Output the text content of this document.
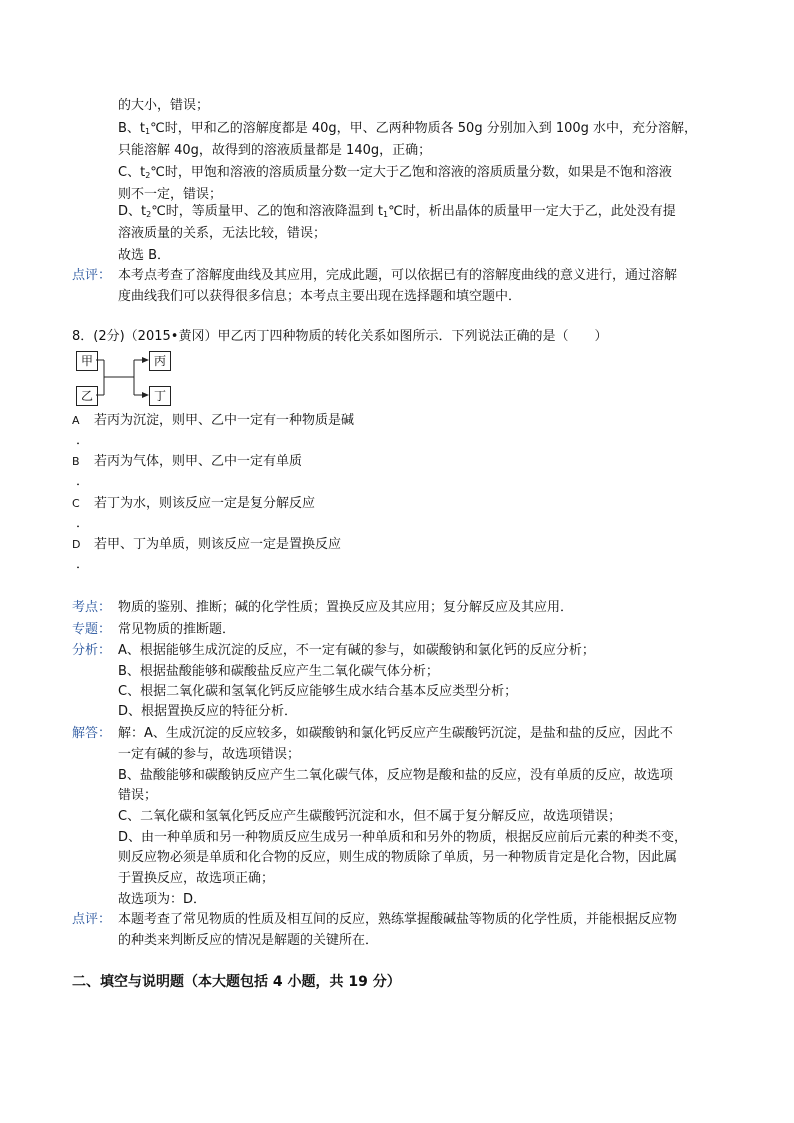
的大小，错误；
B、$t_1℃$时，甲和乙的溶解度都是 40g，甲、乙两种物质各 50g 分别加入到 100g 水中，充分溶解，
只能溶解 40g，故得到的溶液质量都是 140g，正确；
C、$t_2℃$时，甲饱和溶液的溶质质量分数一定大于乙饱和溶液的溶质质量分数，如果是不饱和溶液
则不一定，错误；
D、$t_2℃$时，等质量甲、乙的饱和溶液降温到 $t_1℃$时，析出晶体的质量甲一定大于乙，此处没有提
溶液质量的关系，无法比较，错误；
故选 B．
点评： 本考点考查了溶解度曲线及其应用，完成此题，可以依据已有的溶解度曲线的意义进行，通过溶解
度曲线我们可以获得很多信息；本考点主要出现在选择题和填空题中．
8．(2分)（2015•黄冈）甲乙丙丁四种物质的转化关系如图所示．下列说法正确的是（　　）
甲
乙
丙
丁
A 若丙为沉淀，则甲、乙中一定有一种物质是碱
．
B 若丙为气体，则甲、乙中一定有单质
．
C 若丁为水，则该反应一定是复分解反应
．
D 若甲、丁为单质，则该反应一定是置换反应
．
考点： 物质的鉴别、推断；碱的化学性质；置换反应及其应用；复分解反应及其应用．
专题： 常见物质的推断题．
分析： A、根据能够生成沉淀的反应，不一定有碱的参与，如碳酸钠和氯化钙的反应分析；
B、根据盐酸能够和碳酸盐反应产生二氧化碳气体分析；
C、根据二氧化碳和氢氧化钙反应能够生成水结合基本反应类型分析；
D、根据置换反应的特征分析．
解答： 解：A、生成沉淀的反应较多，如碳酸钠和氯化钙反应产生碳酸钙沉淀，是盐和盐的反应，因此不
一定有碱的参与，故选项错误；
B、盐酸能够和碳酸钠反应产生二氧化碳气体，反应物是酸和盐的反应，没有单质的反应，故选项
错误；
C、二氧化碳和氢氧化钙反应产生碳酸钙沉淀和水，但不属于复分解反应，故选项错误；
D、由一种单质和另一种物质反应生成另一种单质和和另外的物质，根据反应前后元素的种类不变，
则反应物必须是单质和化合物的反应，则生成的物质除了单质，另一种物质肯定是化合物，因此属
于置换反应，故选项正确；
故选项为：D．
点评： 本题考查了常见物质的性质及相互间的反应，熟练掌握酸碱盐等物质的化学性质，并能根据反应物
的种类来判断反应的情况是解题的关键所在．
二、填空与说明题（本大题包括 4 小题，共 19 分）
